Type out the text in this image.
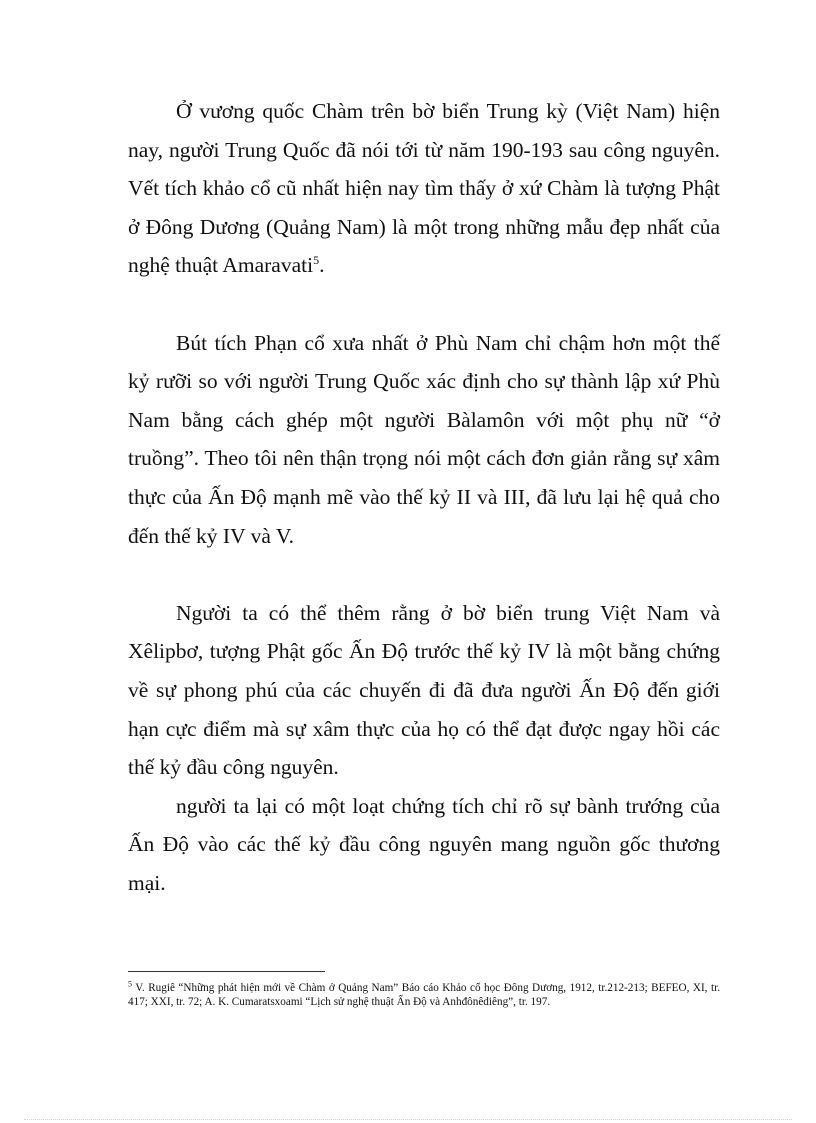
Ở vương quốc Chàm trên bờ biển Trung kỳ (Việt Nam) hiện nay, người Trung Quốc đã nói tới từ năm 190-193 sau công nguyên. Vết tích khảo cổ cũ nhất hiện nay tìm thấy ở xứ Chàm là tượng Phật ở Đông Dương (Quảng Nam) là một trong những mẫu đẹp nhất của nghệ thuật Amaravati$^5$.

Bút tích Phạn cổ xưa nhất ở Phù Nam chỉ chậm hơn một thế kỷ rưỡi so với người Trung Quốc xác định cho sự thành lập xứ Phù Nam bằng cách ghép một người Bàlamôn với một phụ nữ “ở truồng”. Theo tôi nên thận trọng nói một cách đơn giản rằng sự xâm thực của Ấn Độ mạnh mẽ vào thế kỷ II và III, đã lưu lại hệ quả cho đến thế kỷ IV và V.

Người ta có thể thêm rằng ở bờ biển trung Việt Nam và Xêlipbơ, tượng Phật gốc Ấn Độ trước thế kỷ IV là một bằng chứng về sự phong phú của các chuyến đi đã đưa người Ấn Độ đến giới hạn cực điểm mà sự xâm thực của họ có thể đạt được ngay hồi các thế kỷ đầu công nguyên.

người ta lại có một loạt chứng tích chỉ rõ sự bành trướng của Ấn Độ vào các thế kỷ đầu công nguyên mang nguồn gốc thương mại.

$^5$ V. Rugiê “Những phát hiện mới về Chàm ở Quảng Nam” Báo cáo Khảo cổ học Đông Dương, 1912, tr.212-213; BEFEO, XI, tr. 417; XXI, tr. 72; A. K. Cumaratsxoami “Lịch sử nghệ thuật Ấn Độ và Anhđônêdiêng”, tr. 197.
